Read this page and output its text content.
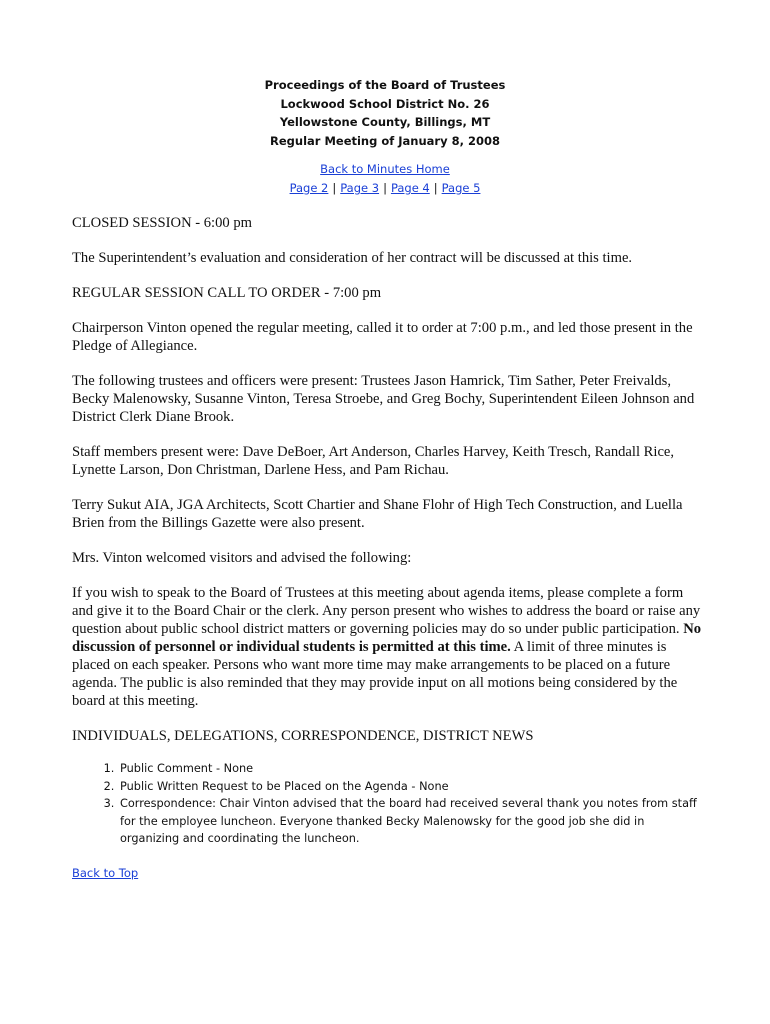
Proceedings of the Board of Trustees
Lockwood School District No. 26
Yellowstone County, Billings, MT
Regular Meeting of January 8, 2008
Back to Minutes Home
Page 2 | Page 3 | Page 4 | Page 5

CLOSED SESSION - 6:00 pm

The Superintendent’s evaluation and consideration of her contract will be discussed at this time.

REGULAR SESSION CALL TO ORDER - 7:00 pm

Chairperson Vinton opened the regular meeting, called it to order at 7:00 p.m., and led those present in the Pledge of Allegiance.

The following trustees and officers were present: Trustees Jason Hamrick, Tim Sather, Peter Freivalds, Becky Malenowsky, Susanne Vinton, Teresa Stroebe, and Greg Bochy, Superintendent Eileen Johnson and District Clerk Diane Brook.

Staff members present were: Dave DeBoer, Art Anderson, Charles Harvey, Keith Tresch, Randall Rice, Lynette Larson, Don Christman, Darlene Hess, and Pam Richau.

Terry Sukut AIA, JGA Architects, Scott Chartier and Shane Flohr of High Tech Construction, and Luella Brien from the Billings Gazette were also present.

Mrs. Vinton welcomed visitors and advised the following:

If you wish to speak to the Board of Trustees at this meeting about agenda items, please complete a form and give it to the Board Chair or the clerk. Any person present who wishes to address the board or raise any question about public school district matters or governing policies may do so under public participation. No discussion of personnel or individual students is permitted at this time. A limit of three minutes is placed on each speaker. Persons who want more time may make arrangements to be placed on a future agenda. The public is also reminded that they may provide input on all motions being considered by the board at this meeting.

INDIVIDUALS, DELEGATIONS, CORRESPONDENCE, DISTRICT NEWS

1. Public Comment - None
2. Public Written Request to be Placed on the Agenda - None
3. Correspondence: Chair Vinton advised that the board had received several thank you notes from staff for the employee luncheon. Everyone thanked Becky Malenowsky for the good job she did in organizing and coordinating the luncheon.
Back to Top
